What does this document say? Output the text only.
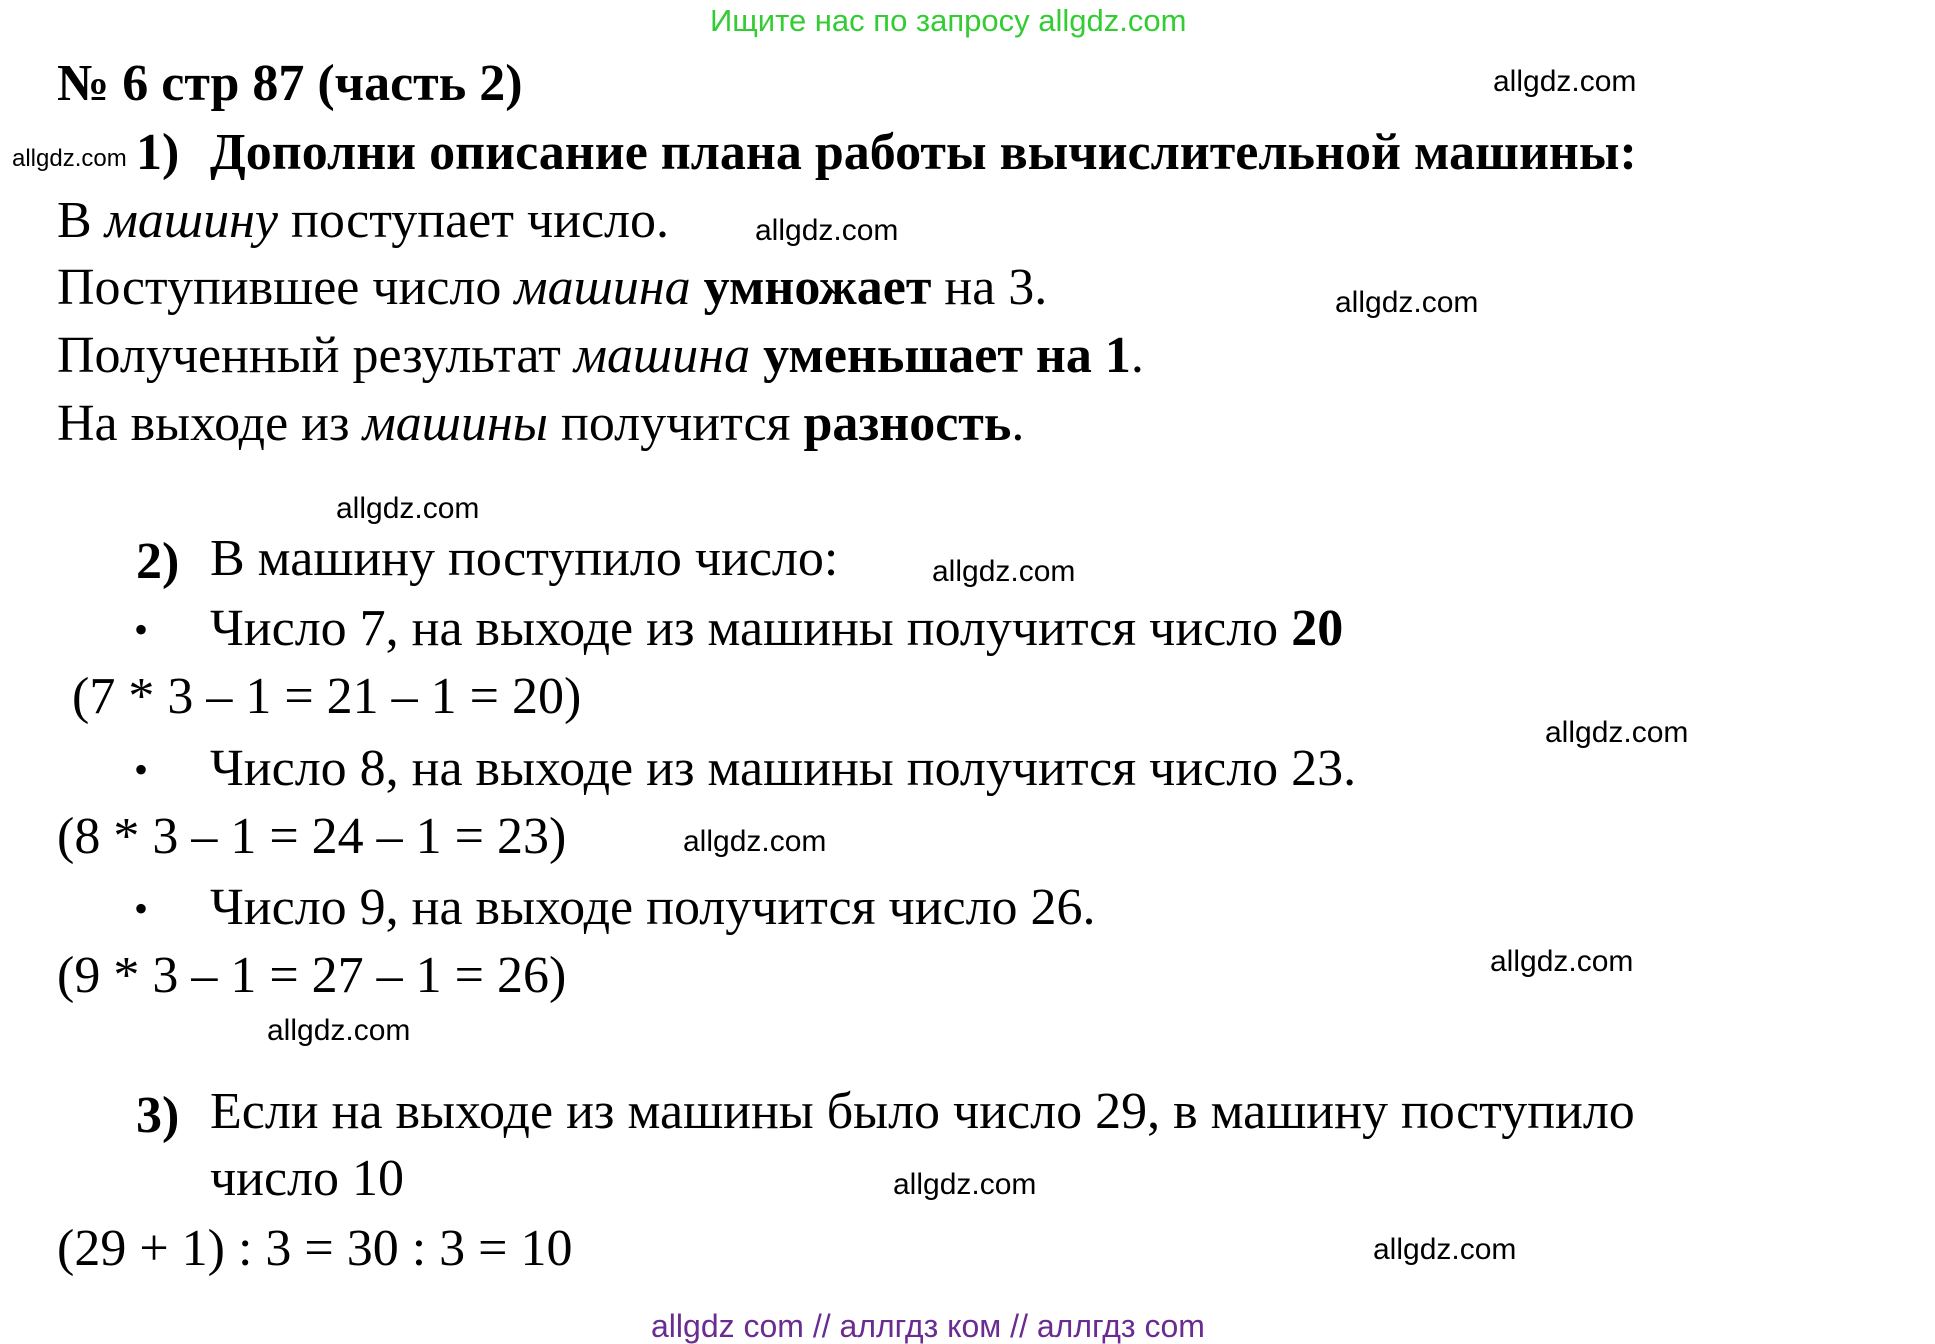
Ищите нас по запросу allgdz.com
№ 6 стр 87 (часть 2)
allgdz.com 1) Дополни описание плана работы вычислительной машины:
В машину поступает число.
Поступившее число машина умножает на 3.
Полученный результат машина уменьшает на 1.
На выходе из машины получится разность.
2) В машину поступило число:
• Число 7, на выходе из машины получится число 20
(7 * 3 – 1 = 21 – 1 = 20)
• Число 8, на выходе из машины получится число 23.
(8 * 3 – 1 = 24 – 1 = 23)
• Число 9, на выходе получится число 26.
(9 * 3 – 1 = 27 – 1 = 26)
3) Если на выходе из машины было число 29, в машину поступило
число 10
(29 + 1) : 3 = 30 : 3 = 10
allgdz.com
allgdz.com
allgdz.com
allgdz.com
allgdz.com
allgdz.com
allgdz.com
allgdz.com
allgdz.com
allgdz.com
allgdz.com
allgdz com // аллгдз ком // аллгдз com
